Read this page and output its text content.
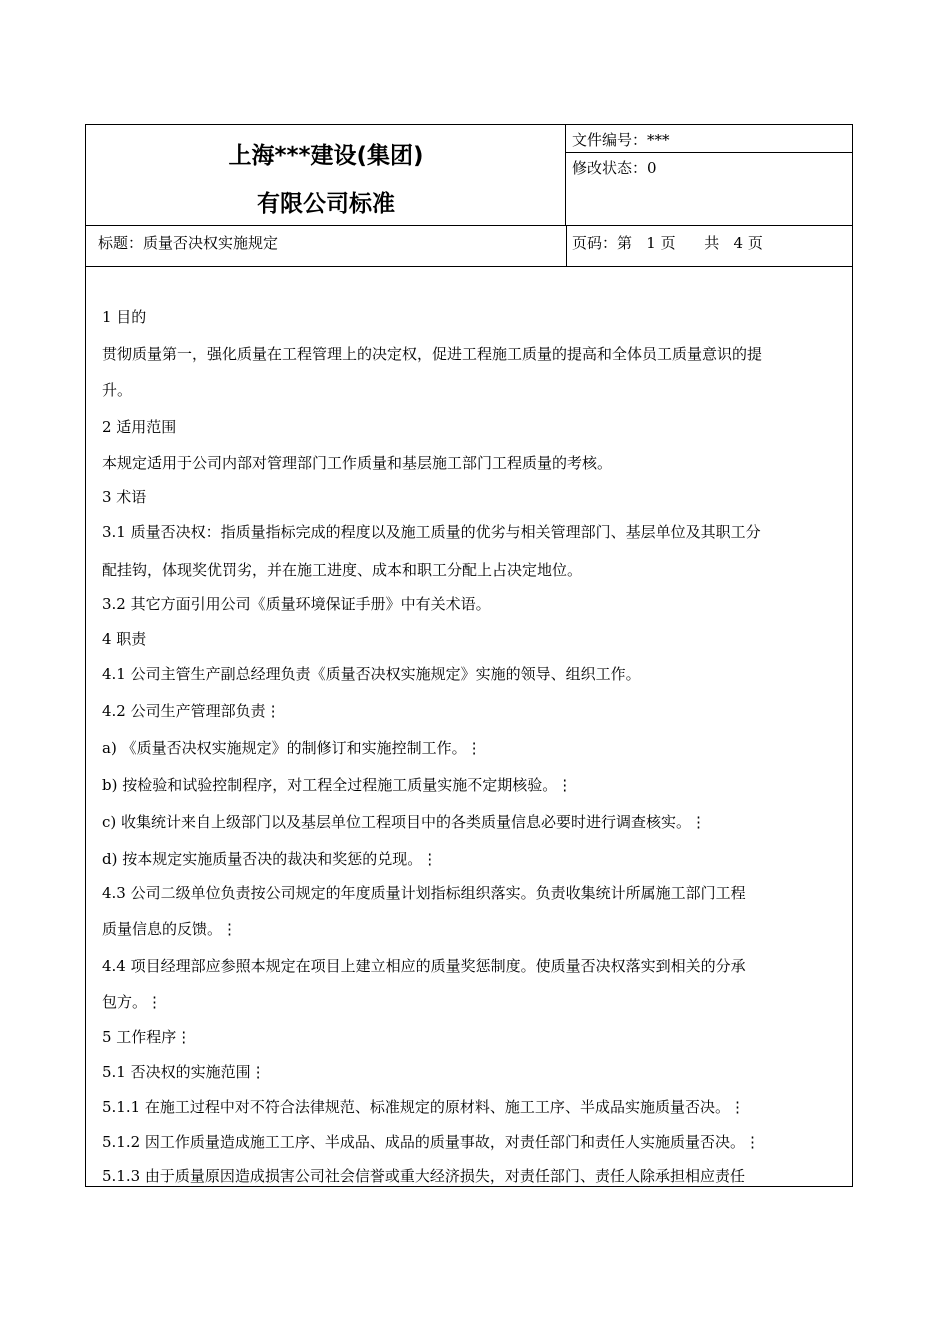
上海***建设(集团)
有限公司标准
文件编号：***
修改状态：0
标题：质量否决权实施规定	页码：第   1 页      共   4 页
1 目的
贯彻质量第一，强化质量在工程管理上的决定权，促进工程施工质量的提高和全体员工质量意识的提
升。
2 适用范围
本规定适用于公司内部对管理部门工作质量和基层施工部门工程质量的考核。
3 术语
3.1 质量否决权：指质量指标完成的程度以及施工质量的优劣与相关管理部门、基层单位及其职工分
配挂钩，体现奖优罚劣，并在施工进度、成本和职工分配上占决定地位。
3.2 其它方面引用公司《质量环境保证手册》中有关术语。
4 职责
4.1 公司主管生产副总经理负责《质量否决权实施规定》实施的领导、组织工作。
4.2 公司生产管理部负责⋮
a) 《质量否决权实施规定》的制修订和实施控制工作。⋮
b) 按检验和试验控制程序，对工程全过程施工质量实施不定期核验。⋮
c) 收集统计来自上级部门以及基层单位工程项目中的各类质量信息必要时进行调查核实。⋮
d) 按本规定实施质量否决的裁决和奖惩的兑现。⋮
4.3 公司二级单位负责按公司规定的年度质量计划指标组织落实。负责收集统计所属施工部门工程
质量信息的反馈。⋮
4.4 项目经理部应参照本规定在项目上建立相应的质量奖惩制度。使质量否决权落实到相关的分承
包方。⋮
5 工作程序⋮
5.1 否决权的实施范围⋮
5.1.1 在施工过程中对不符合法律规范、标准规定的原材料、施工工序、半成品实施质量否决。⋮
5.1.2 因工作质量造成施工工序、半成品、成品的质量事故，对责任部门和责任人实施质量否决。⋮
5.1.3 由于质量原因造成损害公司社会信誉或重大经济损失，对责任部门、责任人除承担相应责任
